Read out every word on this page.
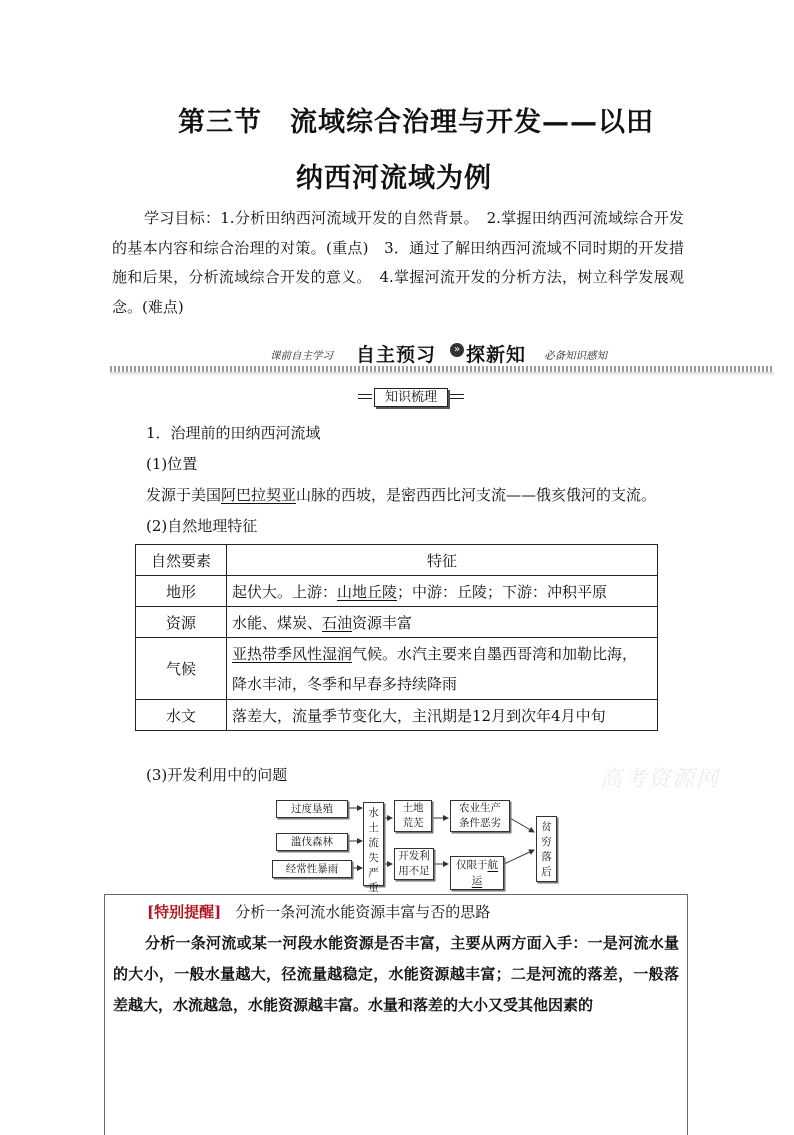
第三节　流域综合治理与开发——以田
纳西河流域为例
学习目标：1.分析田纳西河流域开发的自然背景。　2.掌握田纳西河流域综合开发的基本内容和综合治理的对策。(重点)　3．通过了解田纳西河流域不同时期的开发措施和后果，分析流域综合开发的意义。　4.掌握河流开发的分析方法，树立科学发展观念。(难点)
课前自主学习 自主预习	» 探新知 必备知识感知
知识梳理
1．治理前的田纳西河流域
(1)位置
发源于美国阿巴拉契亚山脉的西坡，是密西西比河支流——俄亥俄河的支流。
(2)自然地理特征
自然要素	特征
地形	起伏大。上游：山地丘陵；中游：丘陵；下游：冲积平原
资源	水能、煤炭、石油资源丰富
气候	亚热带季风性湿润气候。水汽主要来自墨西哥湾和加勒比海，降水丰沛，冬季和早春多持续降雨
水文	落差大，流量季节变化大，主汛期是12月到次年4月中旬
(3)开发利用中的问题	高考资源网
过度垦殖
滥伐森林
经常性暴雨
水土流失严重
土地
荒芜
开发利
用不足
农业生产
条件恶劣
仅限于航运
贫穷落后
[特别提醒] 分析一条河流水能资源丰富与否的思路
分析一条河流或某一河段水能资源是否丰富，主要从两方面入手：一是河流水量的大小，一般水量越大，径流量越稳定，水能资源越丰富；二是河流的落差，一般落差越大，水流越急，水能资源越丰富。水量和落差的大小又受其他因素的
